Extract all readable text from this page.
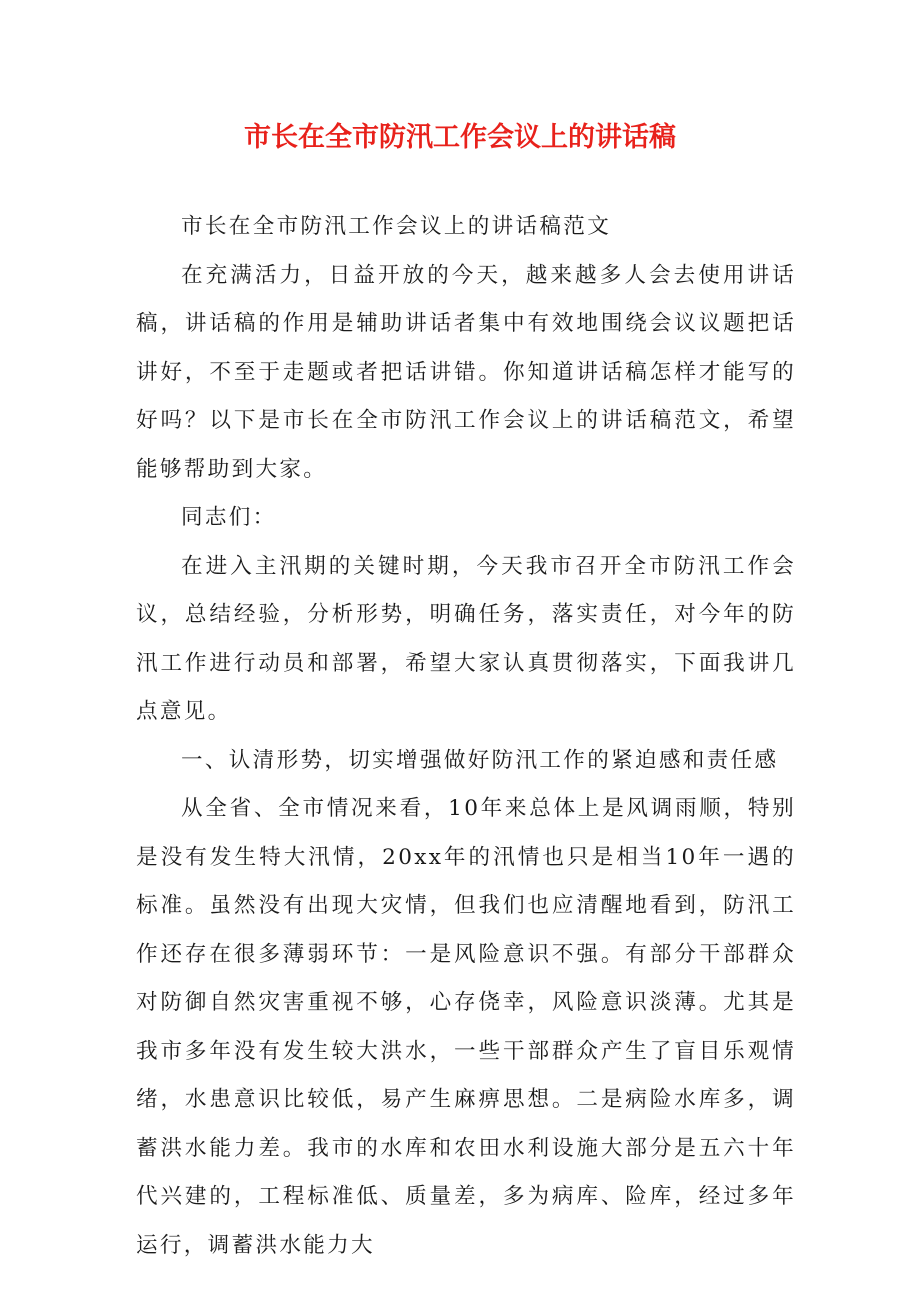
市长在全市防汛工作会议上的讲话稿

市长在全市防汛工作会议上的讲话稿范文

在充满活力，日益开放的今天，越来越多人会去使用讲话稿，讲话稿的作用是辅助讲话者集中有效地围绕会议议题把话讲好，不至于走题或者把话讲错。你知道讲话稿怎样才能写的好吗？以下是市长在全市防汛工作会议上的讲话稿范文，希望能够帮助到大家。

同志们：

在进入主汛期的关键时期，今天我市召开全市防汛工作会议，总结经验，分析形势，明确任务，落实责任，对今年的防汛工作进行动员和部署，希望大家认真贯彻落实，下面我讲几点意见。

一、认清形势，切实增强做好防汛工作的紧迫感和责任感

从全省、全市情况来看，10年来总体上是风调雨顺，特别是没有发生特大汛情，20xx年的汛情也只是相当10年一遇的标准。虽然没有出现大灾情，但我们也应清醒地看到，防汛工作还存在很多薄弱环节：一是风险意识不强。有部分干部群众对防御自然灾害重视不够，心存侥幸，风险意识淡薄。尤其是我市多年没有发生较大洪水，一些干部群众产生了盲目乐观情绪，水患意识比较低，易产生麻痹思想。二是病险水库多，调蓄洪水能力差。我市的水库和农田水利设施大部分是五六十年代兴建的，工程标准低、质量差，多为病库、险库，经过多年运行，调蓄洪水能力大
